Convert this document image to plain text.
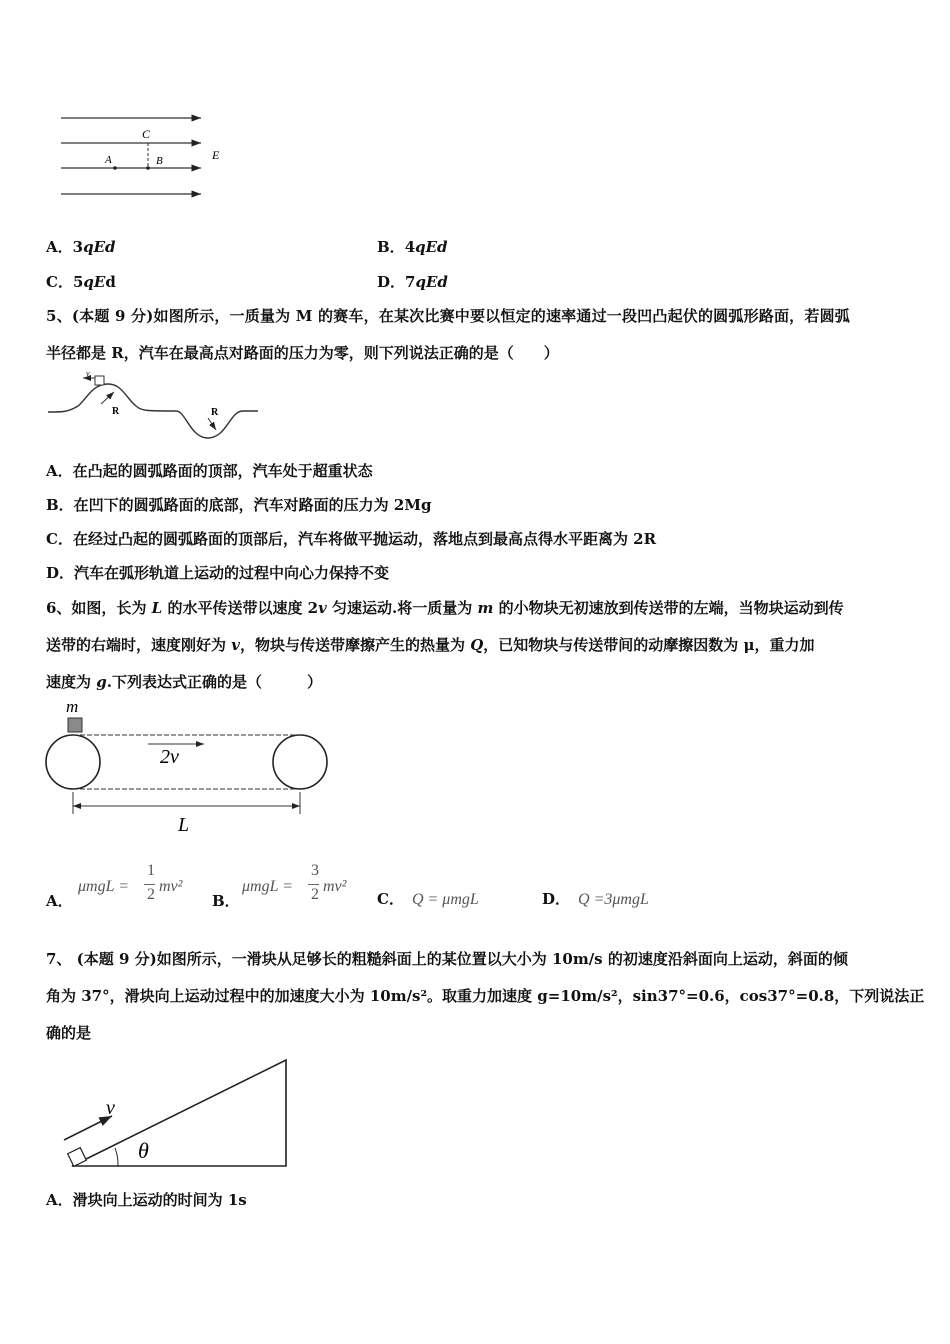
C
A	B	E
A．3qEd	B．4qEd
C．5qEd	D．7qEd
5、(本题 9 分)如图所示，一质量为 M 的赛车，在某次比赛中要以恒定的速率通过一段凹凸起伏的圆弧形路面，若圆弧
半径都是 R，汽车在最高点对路面的压力为零，则下列说法正确的是（　　）
v
R	R
A．在凸起的圆弧路面的顶部，汽车处于超重状态
B．在凹下的圆弧路面的底部，汽车对路面的压力为 2Mg
C．在经过凸起的圆弧路面的顶部后，汽车将做平抛运动，落地点到最高点得水平距离为 2R
D．汽车在弧形轨道上运动的过程中向心力保持不变
6、如图，长为 L 的水平传送带以速度 2v 匀速运动.将一质量为 m 的小物块无初速放到传送带的左端，当物块运动到传
送带的右端时，速度刚好为 v，物块与传送带摩擦产生的热量为 Q，已知物块与传送带间的动摩擦因数为 μ，重力加
速度为 g.下列表达式正确的是（　　　）
m
2v
L
A．
μmgL =
1
2 mv²
B．
μmgL =
3
2 mv²
C． Q = μmgL	D． Q =3μmgL
7、 (本题 9 分)如图所示，一滑块从足够长的粗糙斜面上的某位置以大小为 10m/s 的初速度沿斜面向上运动，斜面的倾
角为 37°，滑块向上运动过程中的加速度大小为 10m/s²。取重力加速度 g=10m/s²，sin37°=0.6，cos37°=0.8，下列说法正
确的是
v
θ
A．滑块向上运动的时间为 1s
